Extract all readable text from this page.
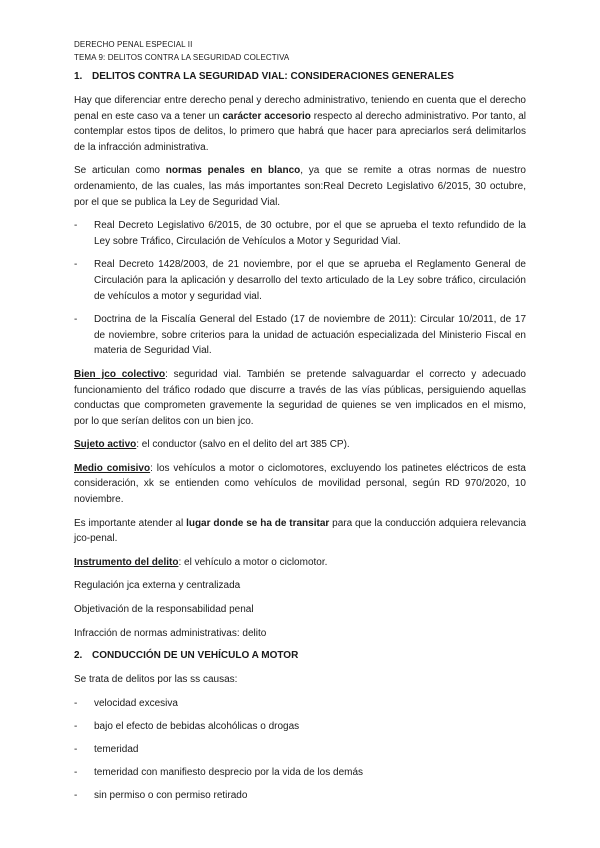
DERECHO PENAL ESPECIAL II
TEMA 9: DELITOS CONTRA LA SEGURIDAD COLECTIVA
1. DELITOS CONTRA LA SEGURIDAD VIAL: CONSIDERACIONES GENERALES

Hay que diferenciar entre derecho penal y derecho administrativo, teniendo en cuenta que el derecho penal en este caso va a tener un carácter accesorio respecto al derecho administrativo. Por tanto, al contemplar estos tipos de delitos, lo primero que habrá que hacer para apreciarlos será delimitarlos de la infracción administrativa.

Se articulan como normas penales en blanco, ya que se remite a otras normas de nuestro ordenamiento, de las cuales, las más importantes son:Real Decreto Legislativo 6/2015, 30 octubre, por el que se publica la Ley de Seguridad Vial.

-	Real Decreto Legislativo 6/2015, de 30 octubre, por el que se aprueba el texto refundido de la Ley sobre Tráfico, Circulación de Vehículos a Motor y Seguridad Vial.
-	Real Decreto 1428/2003, de 21 noviembre, por el que se aprueba el Reglamento General de Circulación para la aplicación y desarrollo del texto articulado de la Ley sobre tráfico, circulación de vehículos a motor y seguridad vial.
-	Doctrina de la Fiscalía General del Estado (17 de noviembre de 2011): Circular 10/2011, de 17 de noviembre, sobre criterios para la unidad de actuación especializada del Ministerio Fiscal en materia de Seguridad Vial.

Bien jco colectivo: seguridad vial. También se pretende salvaguardar el correcto y adecuado funcionamiento del tráfico rodado que discurre a través de las vías públicas, persiguiendo aquellas conductas que comprometen gravemente la seguridad de quienes se ven implicados en el mismo, por lo que serían delitos con un bien jco.

Sujeto activo: el conductor (salvo en el delito del art 385 CP).

Medio comisivo: los vehículos a motor o ciclomotores, excluyendo los patinetes eléctricos de esta consideración, xk se entienden como vehículos de movilidad personal, según RD 970/2020, 10 noviembre.

Es importante atender al lugar donde se ha de transitar para que la conducción adquiera relevancia jco-penal.

Instrumento del delito: el vehículo a motor o ciclomotor.

Regulación jca externa y centralizada

Objetivación de la responsabilidad penal

Infracción de normas administrativas: delito

2. CONDUCCIÓN DE UN VEHÍCULO A MOTOR

Se trata de delitos por las ss causas:

-	velocidad excesiva
-	bajo el efecto de bebidas alcohólicas o drogas
-	temeridad
-	temeridad con manifiesto desprecio por la vida de los demás
-	sin permiso o con permiso retirado
